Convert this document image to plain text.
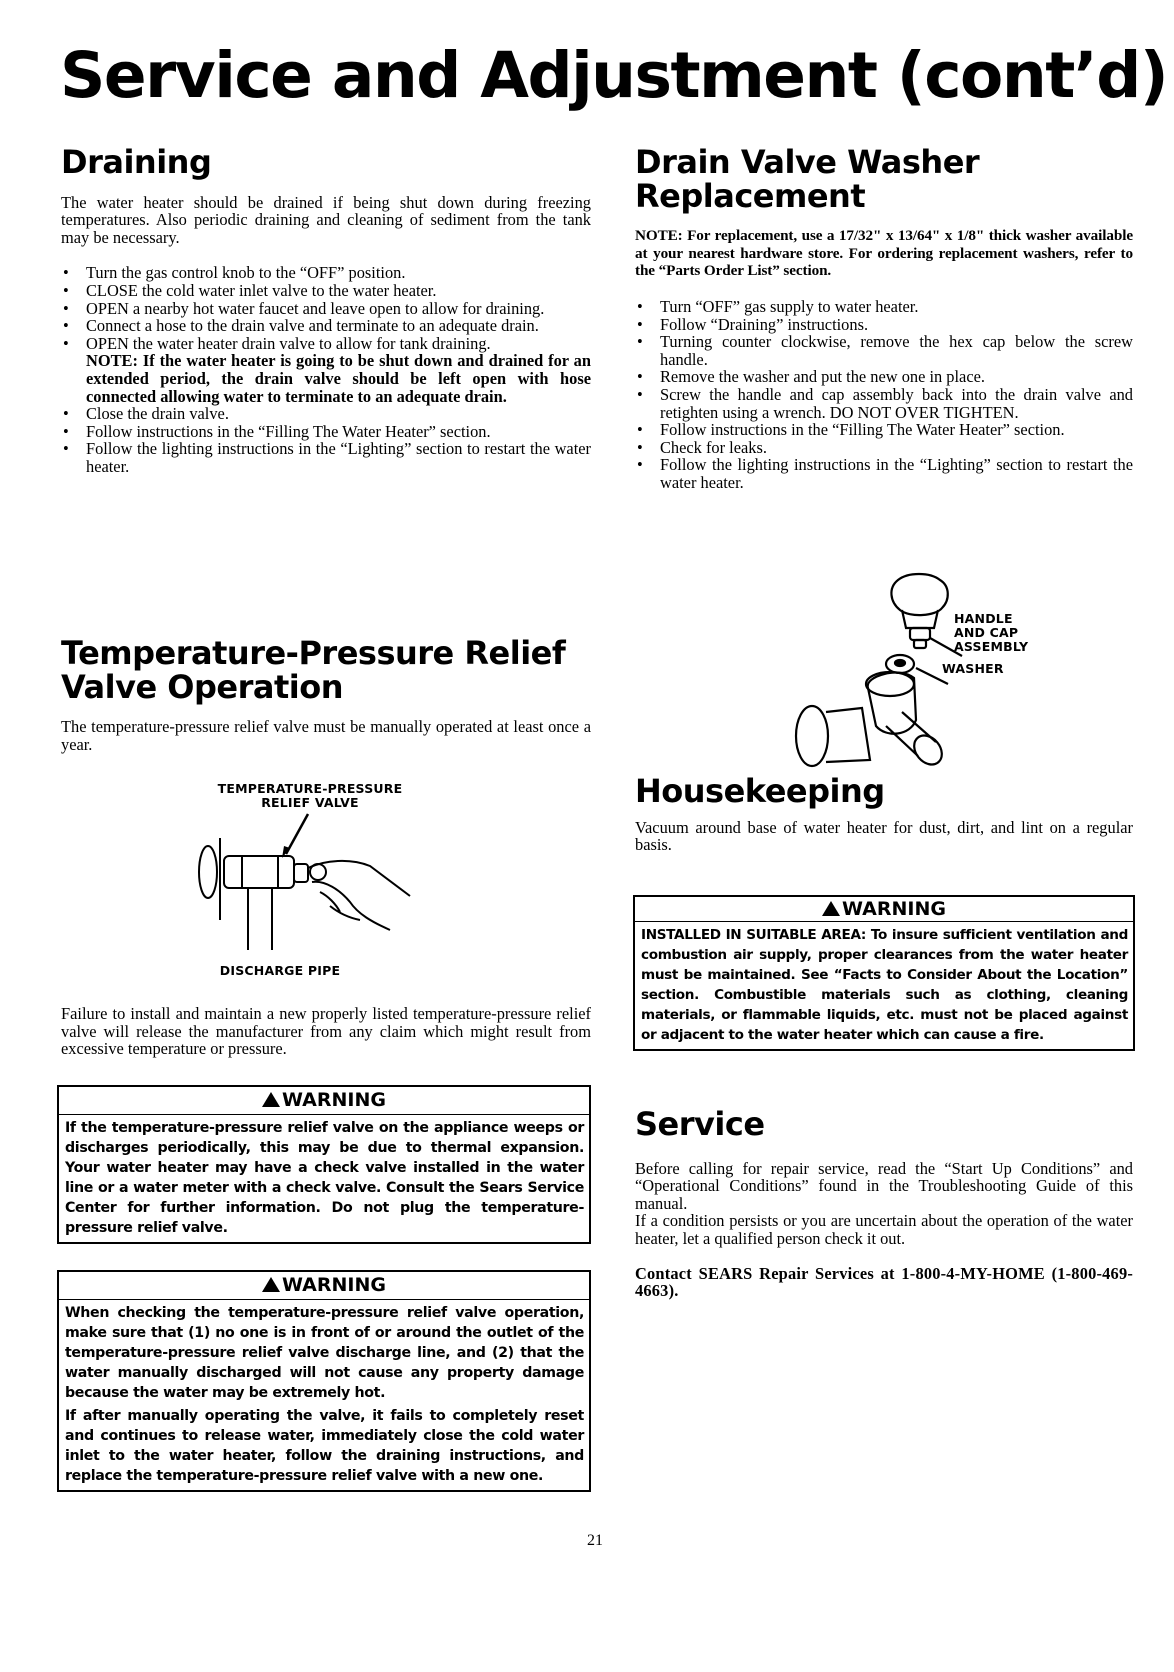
Service and Adjustment (cont’d)
Draining

The water heater should be drained if being shut down during freezing temperatures. Also periodic draining and cleaning of sediment from the tank may be necessary.

• Turn the gas control knob to the “OFF” position.
• CLOSE the cold water inlet valve to the water heater.
• OPEN a nearby hot water faucet and leave open to allow for draining.
• Connect a hose to the drain valve and terminate to an adequate drain.
• OPEN the water heater drain valve to allow for tank draining.
NOTE: If the water heater is going to be shut down and drained for an extended period, the drain valve should be left open with hose connected allowing water to terminate to an adequate drain.
• Close the drain valve.
• Follow instructions in the “Filling The Water Heater” section.
• Follow the lighting instructions in the “Lighting” section to restart the water heater.
Temperature-Pressure Relief
Valve Operation

The temperature-pressure relief valve must be manually operated at least once a year.

TEMPERATURE-PRESSURE
RELIEF VALVE
DISCHARGE PIPE

Failure to install and maintain a new properly listed temperature-pressure relief valve will release the manufacturer from any claim which might result from excessive temperature or pressure.

WARNING

If the temperature-pressure relief valve on the appliance weeps or discharges periodically, this may be due to thermal expansion. Your water heater may have a check valve installed in the water line or a water meter with a check valve. Consult the Sears Service Center for further information. Do not plug the temperature-pressure relief valve.

WARNING

When checking the temperature-pressure relief valve operation, make sure that (1) no one is in front of or around the outlet of the temperature-pressure relief valve discharge line, and (2) that the water manually discharged will not cause any property damage because the water may be extremely hot.

If after manually operating the valve, it fails to completely reset and continues to release water, immediately close the cold water inlet to the water heater, follow the draining instructions, and replace the temperature-pressure relief valve with a new one.

Drain Valve Washer
Replacement

NOTE: For replacement, use a 17/32" x 13/64" x 1/8" thick washer available at your nearest hardware store. For ordering replacement washers, refer to the “Parts Order List” section.

• Turn “OFF” gas supply to water heater.
• Follow “Draining” instructions.
• Turning counter clockwise, remove the hex cap below the screw handle.
• Remove the washer and put the new one in place.
• Screw the handle and cap assembly back into the drain valve and retighten using a wrench. DO NOT OVER TIGHTEN.
• Follow instructions in the “Filling The Water Heater” section.
• Check for leaks.
• Follow the lighting instructions in the “Lighting” section to restart the water heater.
HANDLE
AND CAP
ASSEMBLY
WASHER
Housekeeping

Vacuum around base of water heater for dust, dirt, and lint on a regular basis.

WARNING

INSTALLED IN SUITABLE AREA: To insure sufficient ventilation and combustion air supply, proper clearances from the water heater must be maintained. See “Facts to Consider About the Location” section. Combustible materials such as clothing, cleaning materials, or flammable liquids, etc. must not be placed against or adjacent to the water heater which can cause a fire.

Service

Before calling for repair service, read the “Start Up Conditions” and “Operational Conditions” found in the Troubleshooting Guide of this manual.

If a condition persists or you are uncertain about the operation of the water heater, let a qualified person check it out.

Contact SEARS Repair Services at 1-800-4-MY-HOME (1-800-469-4663).

21
